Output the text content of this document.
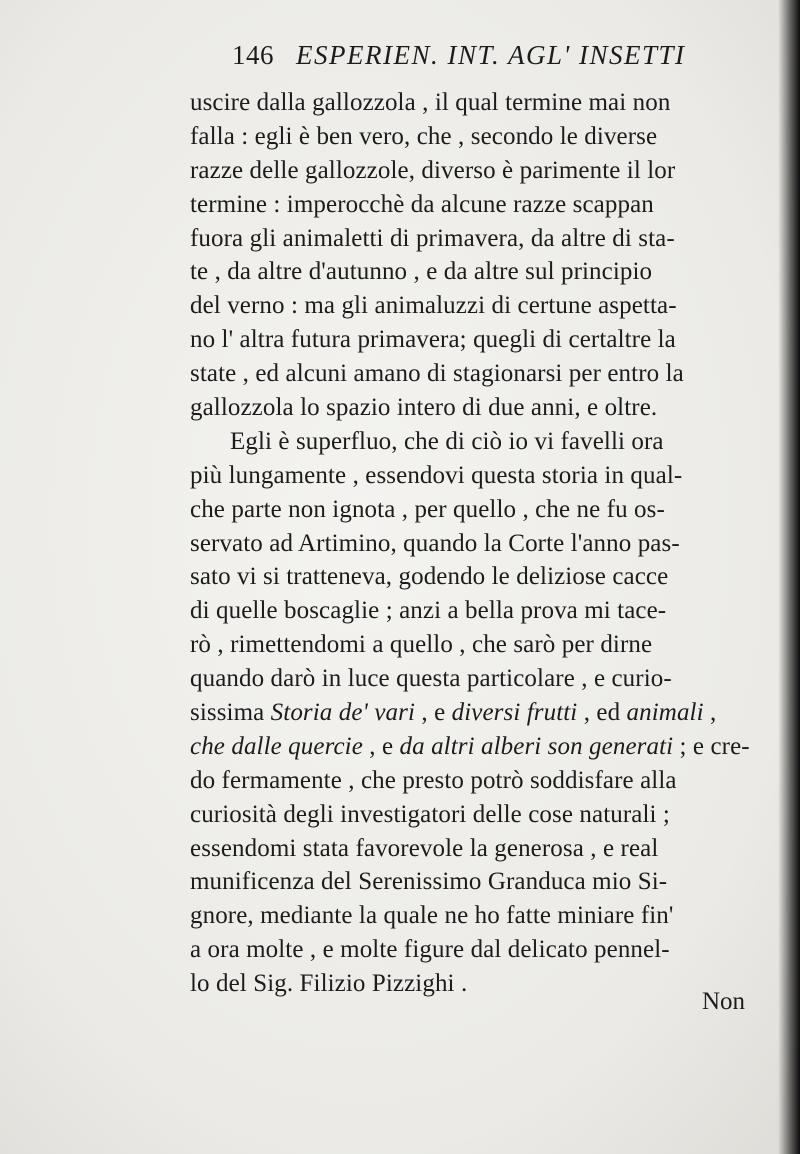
146 ESPERIEN. INT. AGL' INSETTI
uscire dalla gallozzola , il qual termine mai non
falla : egli è ben vero, che , secondo le diverse
razze delle gallozzole, diverso è parimente il lor
termine : imperocchè da alcune razze scappan
fuora gli animaletti di primavera, da altre di sta-
te , da altre d'autunno , e da altre sul principio
del verno : ma gli animaluzzi di certune aspetta-
no l' altra futura primavera; quegli di certaltre la
state , ed alcuni amano di stagionarsi per entro la
gallozzola lo spazio intero di due anni, e oltre.
Egli è superfluo, che di ciò io vi favelli ora
più lungamente , essendovi questa storia in qual-
che parte non ignota , per quello , che ne fu os-
servato ad Artimino, quando la Corte l'anno pas-
sato vi si tratteneva, godendo le deliziose cacce
di quelle boscaglie ; anzi a bella prova mi tace-
rò , rimettendomi a quello , che sarò per dirne
quando darò in luce questa particolare , e curio-
sissima Storia de' vari , e diversi frutti , ed animali ,
che dalle quercie , e da altri alberi son generati ; e cre-
do fermamente , che presto potrò soddisfare alla
curiosità degli investigatori delle cose naturali ;
essendomi stata favorevole la generosa , e real
munificenza del Serenissimo Granduca mio Si-
gnore, mediante la quale ne ho fatte miniare fin'
a ora molte , e molte figure dal delicato pennel-
lo del Sig. Filizio Pizzighi .
Non
